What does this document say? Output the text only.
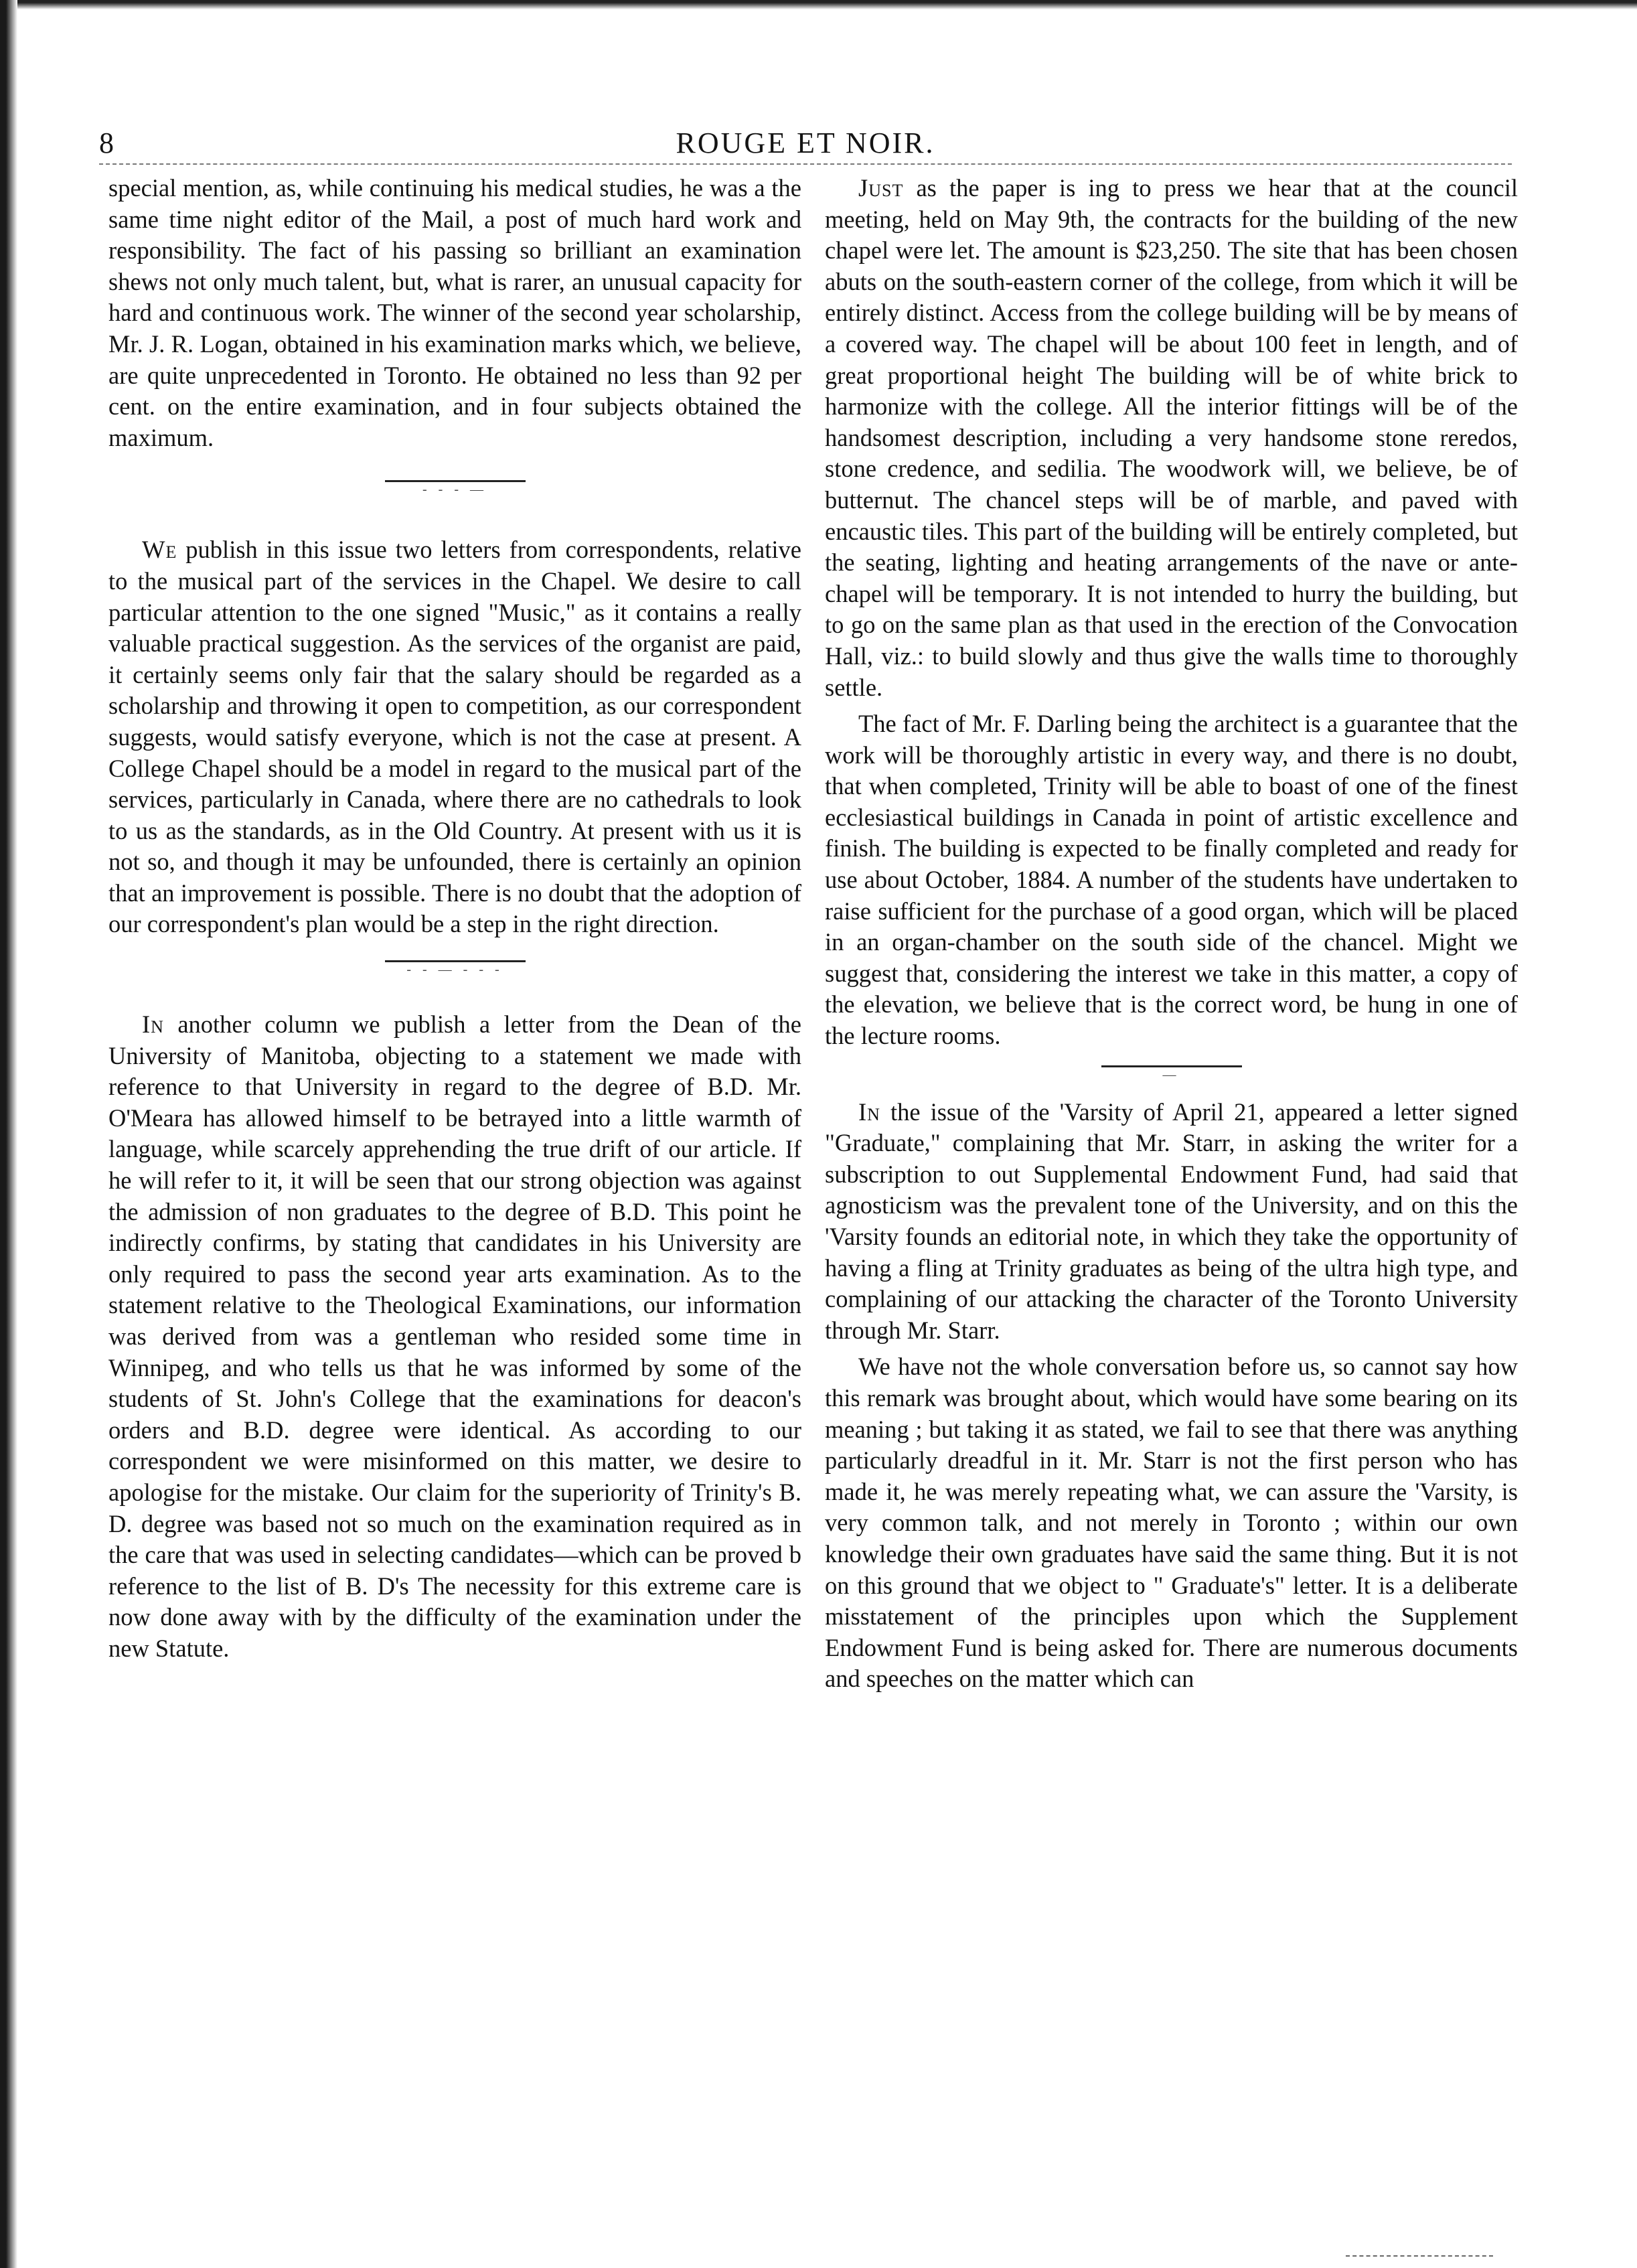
8	ROUGE ET NOIR.

special mention, as, while continuing his medical studies, he was a the same time night editor of the Mail, a post of much hard work and responsibility. The fact of his passing so brilliant an examination shews not only much talent, but, what is rarer, an unusual capacity for hard and continuous work. The winner of the second year scholarship, Mr. J. R. Logan, obtained in his examination marks which, we believe, are quite unprecedented in Toronto. He obtained no less than 92 per cent. on the entire examination, and in four subjects obtained the maximum.

- - - —

We publish in this issue two letters from correspondents, relative to the musical part of the services in the Chapel. We desire to call particular attention to the one signed "Music," as it contains a really valuable practical suggestion. As the services of the organist are paid, it certainly seems only fair that the salary should be regarded as a scholarship and throwing it open to competition, as our correspondent suggests, would satisfy everyone, which is not the case at present. A College Chapel should be a model in regard to the musical part of the services, particularly in Canada, where there are no cathedrals to look to us as the standards, as in the Old Country. At present with us it is not so, and though it may be unfounded, there is certainly an opinion that an improvement is possible. There is no doubt that the adoption of our correspondent's plan would be a step in the right direction.

- - — - - -

In another column we publish a letter from the Dean of the University of Manitoba, objecting to a statement we made with reference to that University in regard to the degree of B.D. Mr. O'Meara has allowed himself to be betrayed into a little warmth of language, while scarcely apprehending the true drift of our article. If he will refer to it, it will be seen that our strong objection was against the admission of non graduates to the degree of B.D. This point he indirectly confirms, by stating that candidates in his University are only required to pass the second year arts examination. As to the statement relative to the Theological Examinations, our information was derived from was a gentleman who resided some time in Winnipeg, and who tells us that he was informed by some of the students of St. John's College that the examinations for deacon's orders and B.D. degree were identical. As according to our correspondent we were misinformed on this matter, we desire to apologise for the mistake. Our claim for the superiority of Trinity's B. D. degree was based not so much on the examination required as in the care that was used in selecting candidates—which can be proved b reference to the list of B. D's The necessity for this extreme care is now done away with by the difficulty of the examination under the new Statute.

Just as the paper is ing to press we hear that at the council meeting, held on May 9th, the contracts for the building of the new chapel were let. The amount is $23,250. The site that has been chosen abuts on the south-eastern corner of the college, from which it will be entirely distinct. Access from the college building will be by means of a covered way. The chapel will be about 100 feet in length, and of great proportional height The building will be of white brick to harmonize with the college. All the interior fittings will be of the handsomest description, including a very handsome stone reredos, stone credence, and sedilia. The woodwork will, we believe, be of butternut. The chancel steps will be of marble, and paved with encaustic tiles. This part of the building will be entirely completed, but the seating, lighting and heating arrangements of the nave or ante-chapel will be temporary. It is not intended to hurry the building, but to go on the same plan as that used in the erection of the Convocation Hall, viz.: to build slowly and thus give the walls time to thoroughly settle.

The fact of Mr. F. Darling being the architect is a guarantee that the work will be thoroughly artistic in every way, and there is no doubt, that when completed, Trinity will be able to boast of one of the finest ecclesiastical buildings in Canada in point of artistic excellence and finish. The building is expected to be finally completed and ready for use about October, 1884. A number of the students have undertaken to raise sufficient for the purchase of a good organ, which will be placed in an organ-chamber on the south side of the chancel. Might we suggest that, considering the interest we take in this matter, a copy of the elevation, we believe that is the correct word, be hung in one of the lecture rooms.

—

In the issue of the 'Varsity of April 21, appeared a letter signed "Graduate," complaining that Mr. Starr, in asking the writer for a subscription to out Supplemental Endowment Fund, had said that agnosticism was the prevalent tone of the University, and on this the 'Varsity founds an editorial note, in which they take the opportunity of having a fling at Trinity graduates as being of the ultra high type, and complaining of our attacking the character of the Toronto University through Mr. Starr.

We have not the whole conversation before us, so cannot say how this remark was brought about, which would have some bearing on its meaning ; but taking it as stated, we fail to see that there was anything particularly dreadful in it. Mr. Starr is not the first person who has made it, he was merely repeating what, we can assure the 'Varsity, is very common talk, and not merely in Toronto ; within our own knowledge their own graduates have said the same thing. But it is not on this ground that we object to " Graduate's" letter. It is a deliberate misstatement of the principles upon which the Supplement Endowment Fund is being asked for. There are numerous documents and speeches on the matter which can
